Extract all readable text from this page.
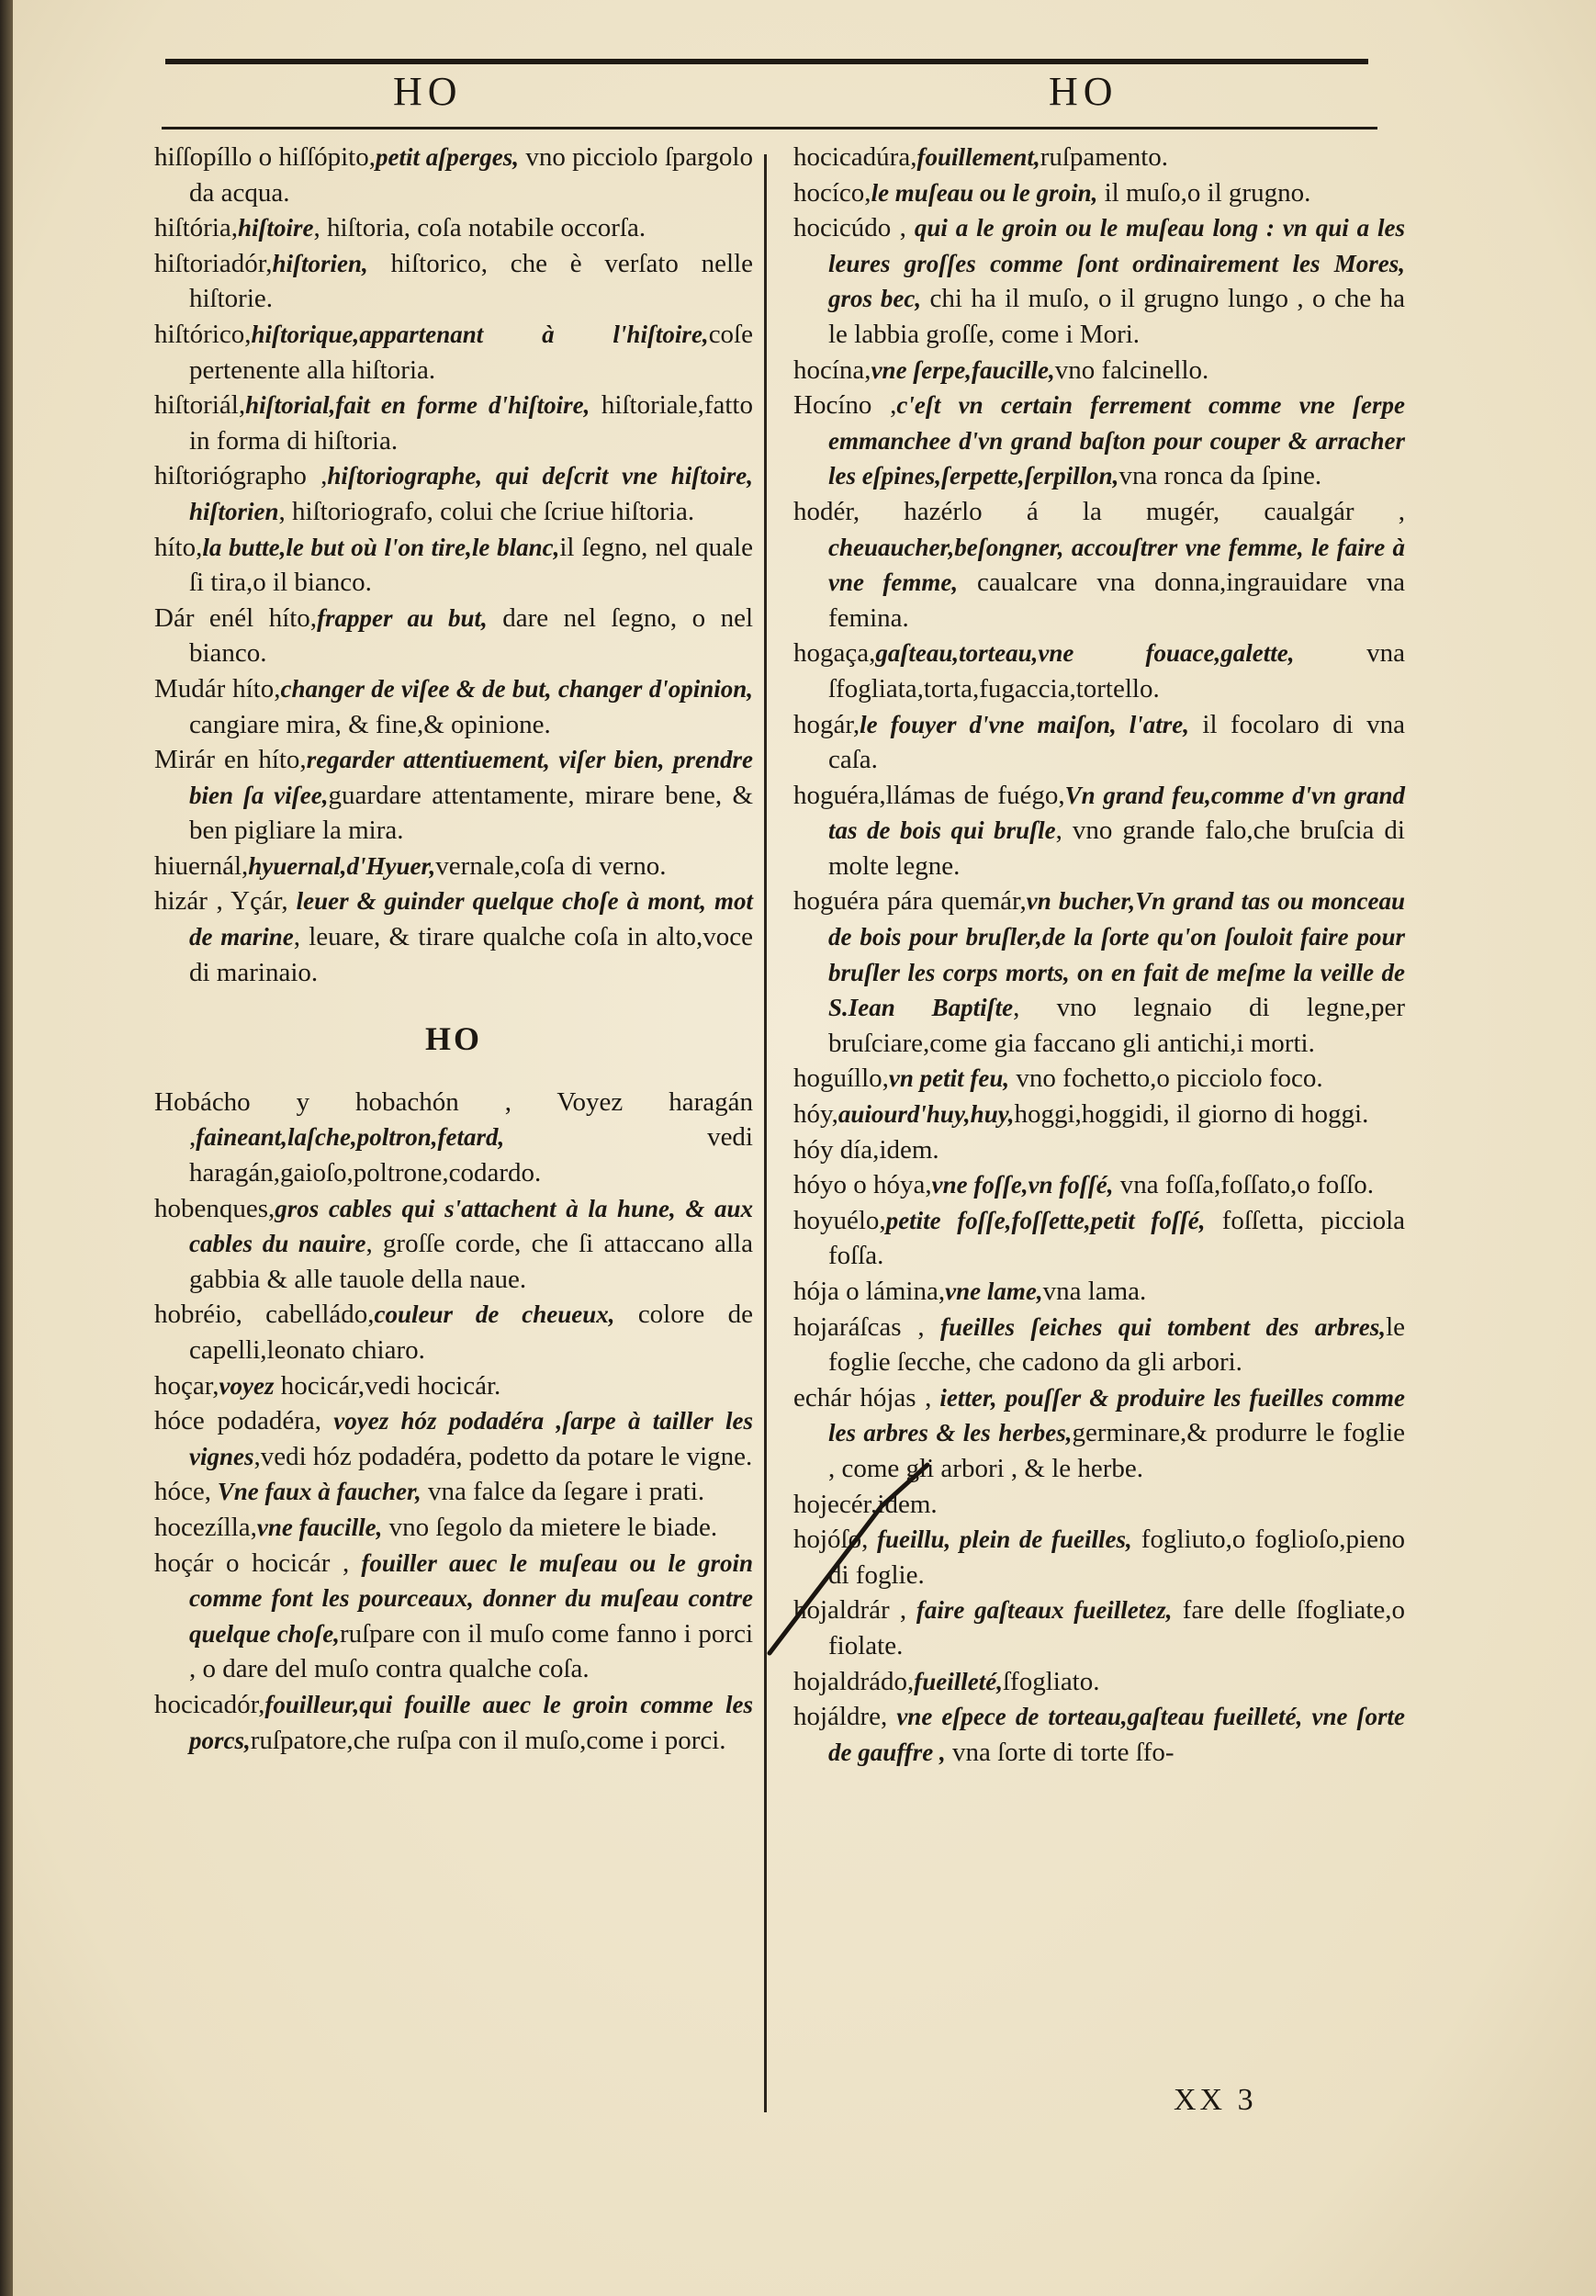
HO	HO

hiſſopíllo o hiſſópito,petit aſperges, vno picciolo ſpargolo da acqua.

hiſtória,hiſtoire, hiſtoria, coſa notabile occorſa.

hiſtoriadór,hiſtorien, hiſtorico, che è verſato nelle hiſtorie.

hiſtórico,hiſtorique,appartenant à l'hiſtoire,coſe pertenente alla hiſtoria.

hiſtoriál,hiſtorial,fait en forme d'hiſtoire, hiſtoriale,fatto in forma di hiſtoria.

hiſtoriógrapho ,hiſtoriographe, qui deſcrit vne hiſtoire, hiſtorien, hiſtoriografo, colui che ſcriue hiſtoria.

híto,la butte,le but où l'on tire,le blanc,il ſegno, nel quale ſi tira,o il bianco.

Dár enél híto,frapper au but, dare nel ſegno, o nel bianco.

Mudár híto,changer de viſee & de but, changer d'opinion, cangiare mira, & fine,& opinione.

Mirár en híto,regarder attentiuement, viſer bien, prendre bien ſa viſee,guardare attentamente, mirare bene, & ben pigliare la mira.

hiuernál,hyuernal,d'Hyuer,vernale,coſa di verno.

hizár , Yçár, leuer & guinder quelque choſe à mont, mot de marine, leuare, & tirare qualche coſa in alto,voce di marinaio.

HO

Hobácho y hobachón , Voyez haragán ,faineant,laſche,poltron,fetard, vedi haragán,gaioſo,poltrone,codardo.

hobenques,gros cables qui s'attachent à la hune, & aux cables du nauire, groſſe corde, che ſi attaccano alla gabbia & alle tauole della naue.

hobréio, cabelládo,couleur de cheueux, colore de capelli,leonato chiaro.

hoçar,voyez hocicár,vedi hocicár.

hóce podadéra, voyez hóz podadéra ,ſarpe à tailler les vignes,vedi hóz podadéra, podetto da potare le vigne.

hóce, Vne faux à faucher, vna falce da ſegare i prati.

hocezílla,vne faucille, vno ſegolo da mietere le biade.

hoçár o hocicár , fouiller auec le muſeau ou le groin comme font les pourceaux, donner du muſeau contre quelque choſe,ruſpare con il muſo come fanno i porci , o dare del muſo contra qualche coſa.

hocicadór,fouilleur,qui fouille auec le groin comme les porcs,ruſpatore,che ruſpa con il muſo,come i porci.

hocicadúra,fouillement,ruſpamento.

hocíco,le muſeau ou le groin, il muſo,o il grugno.

hocicúdo , qui a le groin ou le muſeau long : vn qui a les leures groſſes comme ſont ordinairement les Mores, gros bec, chi ha il muſo, o il grugno lungo , o che ha le labbia groſſe, come i Mori.

hocína,vne ſerpe,faucille,vno falcinello.

Hocíno ,c'eſt vn certain ferrement comme vne ſerpe emmanchee d'vn grand baſton pour couper & arracher les eſpines,ſerpette,ſerpillon,vna ronca da ſpine.

hodér, hazérlo á la mugér, caualgár , cheuaucher,beſongner, accouſtrer vne femme, le faire à vne femme, caualcare vna donna,ingrauidare vna femina.

hogaça,gaſteau,torteau,vne fouace,galette, vna ſfogliata,torta,fugaccia,tortello.

hogár,le fouyer d'vne maiſon, l'atre, il focolaro di vna caſa.

hoguéra,llámas de fuégo,Vn grand feu,comme d'vn grand tas de bois qui bruſle, vno grande falo,che bruſcia di molte legne.

hoguéra pára quemár,vn bucher,Vn grand tas ou monceau de bois pour bruſler,de la ſorte qu'on ſouloit faire pour bruſler les corps morts, on en fait de meſme la veille de S.Iean Baptiſte, vno legnaio di legne,per bruſciare,come gia faccano gli antichi,i morti.

hoguíllo,vn petit feu, vno fochetto,o picciolo foco.

hóy,auiourd'huy,huy,hoggi,hoggidi, il giorno di hoggi.

hóy día,idem.

hóyo o hóya,vne foſſe,vn foſſé, vna foſſa,foſſato,o foſſo.

hoyuélo,petite foſſe,foſſette,petit foſſé, foſſetta, picciola foſſa.

hója o lámina,vne lame,vna lama.

hojaráſcas , fueilles ſeiches qui tombent des arbres,le foglie ſecche, che cadono da gli arbori.

echár hójas , ietter, pouſſer & produire les fueilles comme les arbres & les herbes,germinare,& produrre le foglie , come gli arbori , & le herbe.

hojecér,idem.

hojóſo, fueillu, plein de fueilles, fogliuto,o foglioſo,pieno di foglie.

hojaldrár , faire gaſteaux fueilletez, fare delle ſfogliate,o fiolate.

hojaldrádo,fueilleté,ſfogliato.

hojáldre, vne eſpece de torteau,gaſteau fueilleté, vne ſorte de gauffre , vna ſorte di torte ſfo-

XX 3
